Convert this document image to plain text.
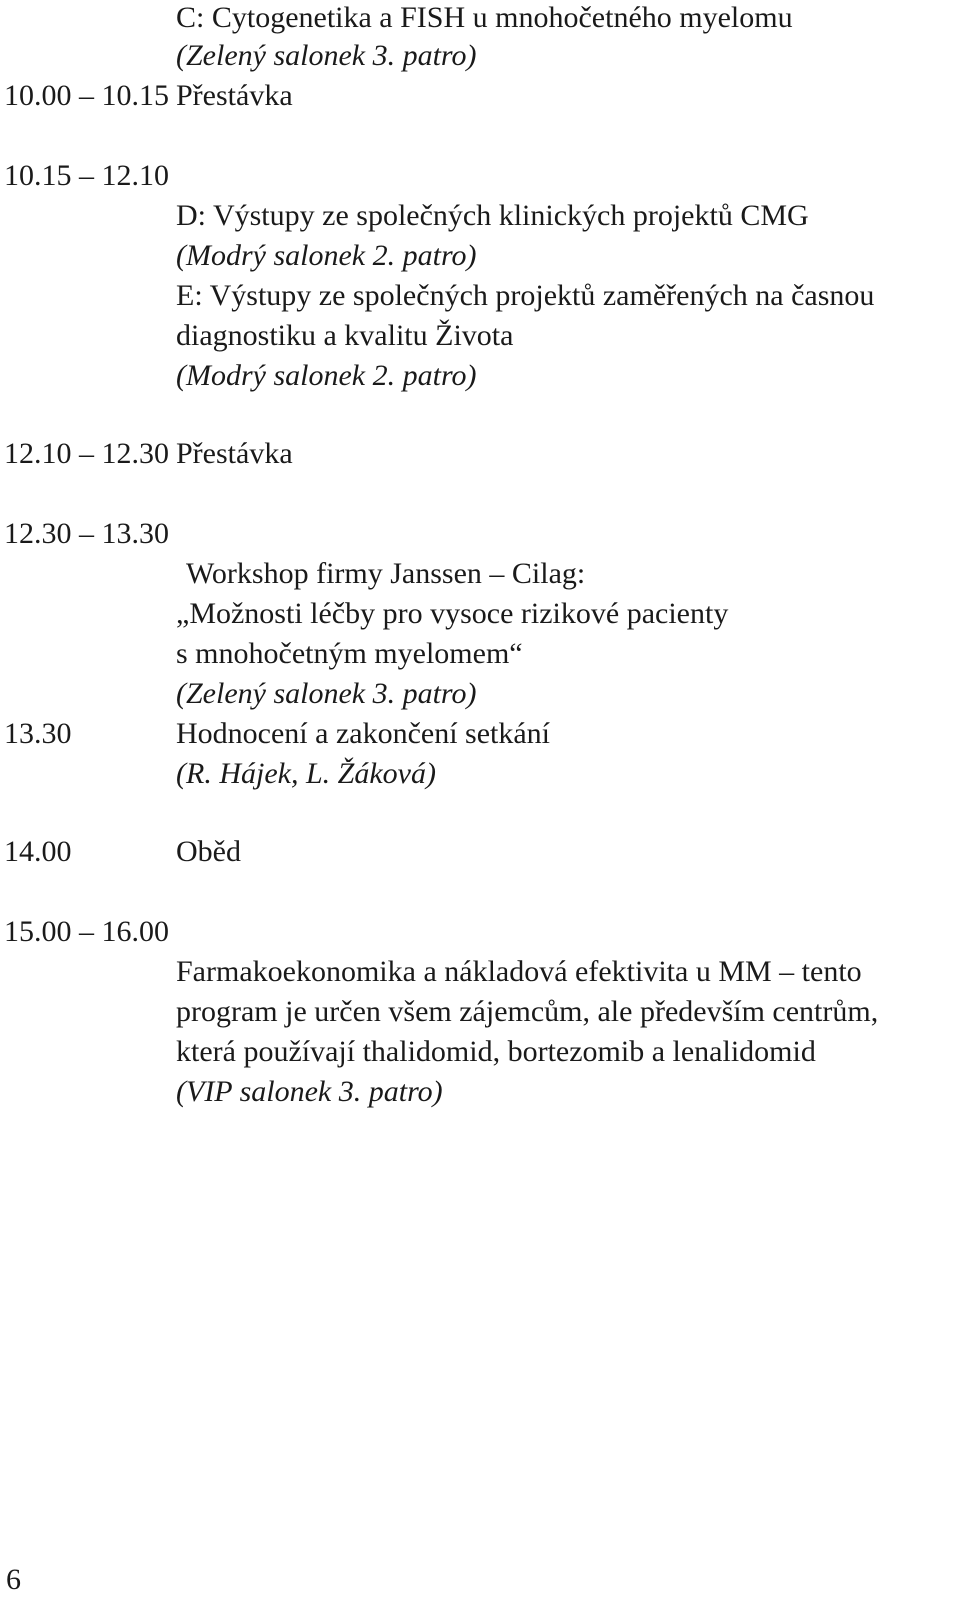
C: Cytogenetika a FISH u mnohočetného myelomu
(Zelený salonek 3. patro)
10.00 – 10.15 Přestávka
10.15 – 12.10
D: Výstupy ze společných klinických projektů CMG
(Modrý salonek 2. patro)
E: Výstupy ze společných projektů zaměřených na časnou
diagnostiku a kvalitu Života
(Modrý salonek 2. patro)
12.10 – 12.30 Přestávka
12.30 – 13.30
Workshop firmy Janssen – Cilag:
„Možnosti léčby pro vysoce rizikové pacienty
s mnohočetným myelomem“
(Zelený salonek 3. patro)
13.30	Hodnocení a zakončení setkání
(R. Hájek, L. Žáková)
14.00	Oběd
15.00 – 16.00
Farmakoekonomika a nákladová efektivita u MM – tento
program je určen všem zájemcům, ale především centrům,
která používají thalidomid, bortezomib a lenalidomid
(VIP salonek 3. patro)
6
